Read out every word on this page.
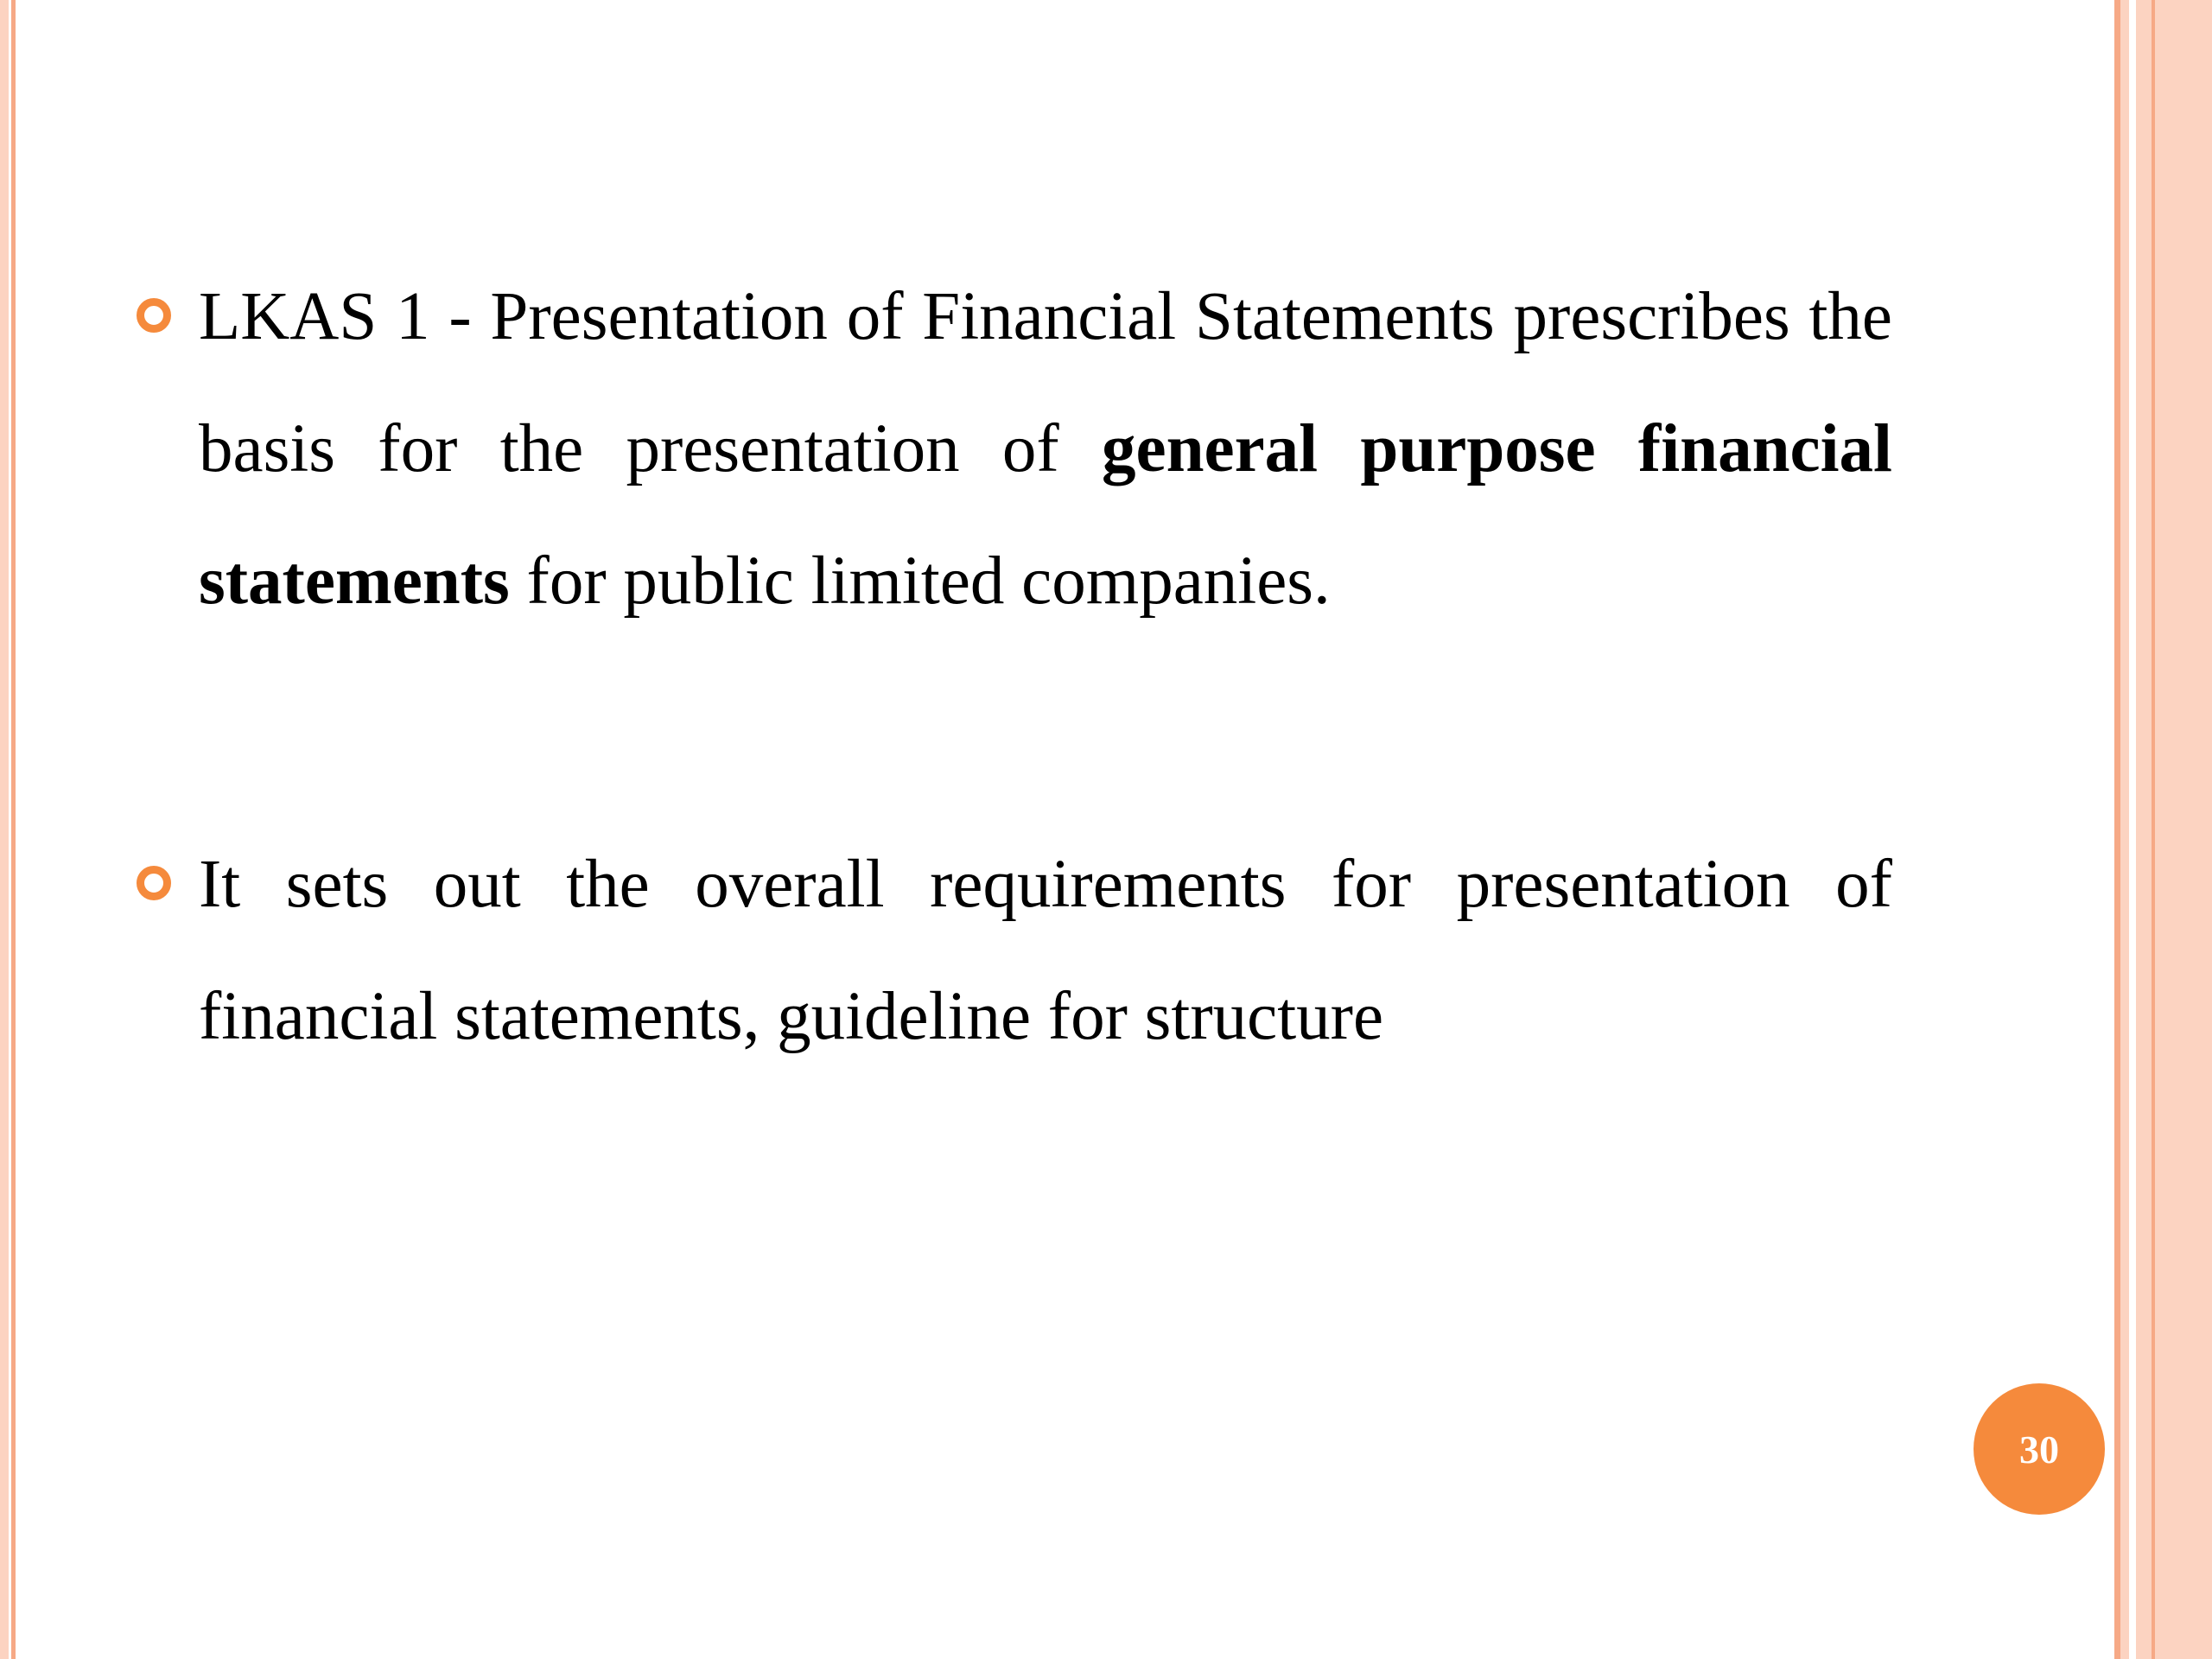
LKAS 1 - Presentation of Financial Statements prescribes the basis for the presentation of general purpose financial statements for public limited companies.
It sets out the overall requirements for presentation of financial statements, guideline for structure
30
